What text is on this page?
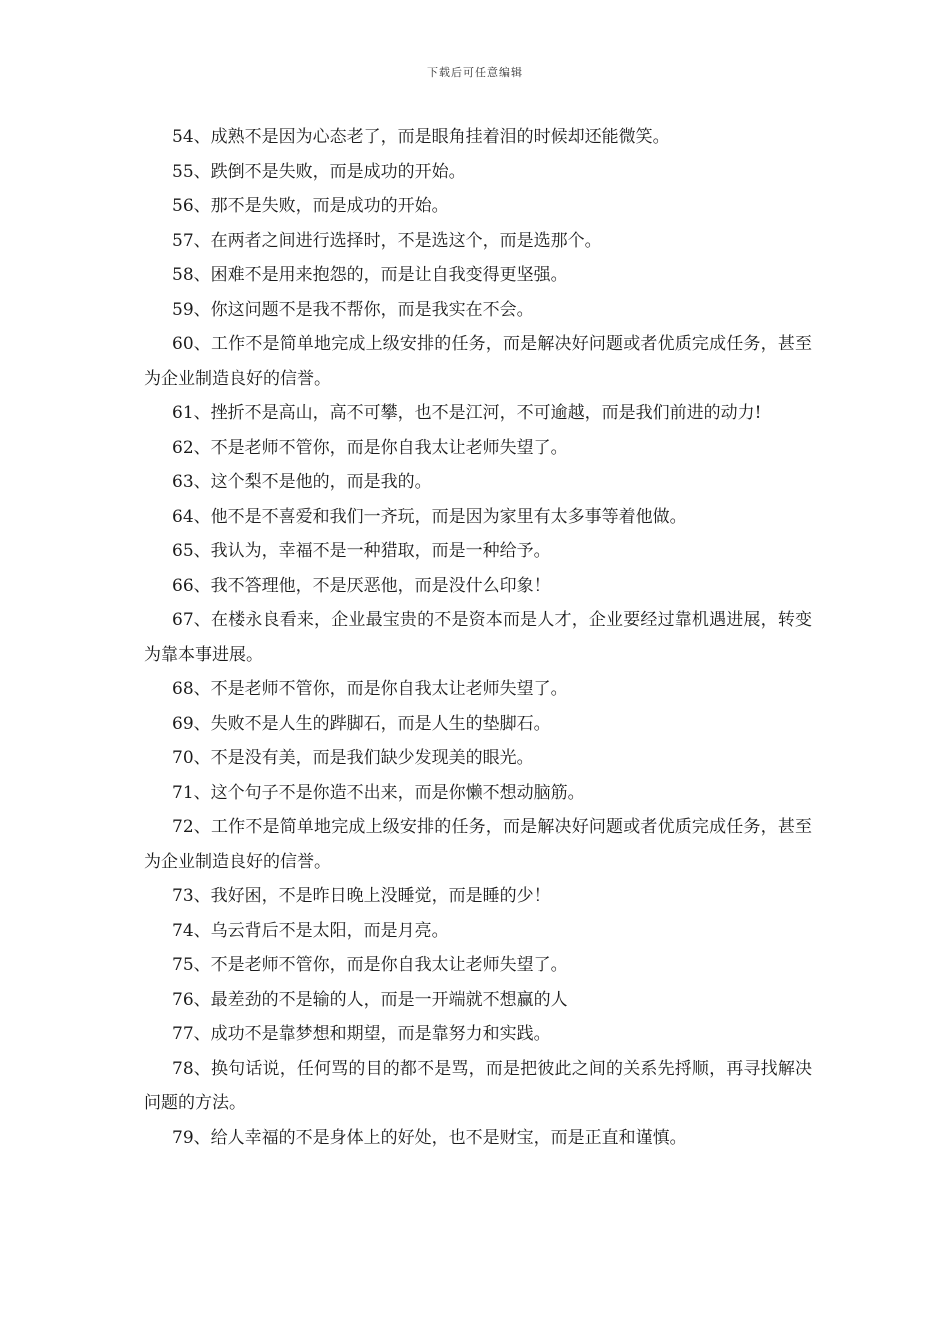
下载后可任意编辑

54、成熟不是因为心态老了，而是眼角挂着泪的时候却还能微笑。

55、跌倒不是失败，而是成功的开始。

56、那不是失败，而是成功的开始。

57、在两者之间进行选择时，不是选这个，而是选那个。

58、困难不是用来抱怨的，而是让自我变得更坚强。

59、你这问题不是我不帮你，而是我实在不会。

60、工作不是简单地完成上级安排的任务，而是解决好问题或者优质完成任务，甚至为企业制造良好的信誉。

61、挫折不是高山，高不可攀，也不是江河，不可逾越，而是我们前进的动力!

62、不是老师不管你，而是你自我太让老师失望了。

63、这个梨不是他的，而是我的。

64、他不是不喜爱和我们一齐玩，而是因为家里有太多事等着他做。

65、我认为，幸福不是一种猎取，而是一种给予。

66、我不答理他，不是厌恶他，而是没什么印象！

67、在楼永良看来，企业最宝贵的不是资本而是人才，企业要经过靠机遇进展，转变为靠本事进展。

68、不是老师不管你，而是你自我太让老师失望了。

69、失败不是人生的跸脚石，而是人生的垫脚石。

70、不是没有美，而是我们缺少发现美的眼光。

71、这个句子不是你造不出来，而是你懒不想动脑筋。

72、工作不是简单地完成上级安排的任务，而是解决好问题或者优质完成任务，甚至为企业制造良好的信誉。

73、我好困，不是昨日晚上没睡觉，而是睡的少！

74、乌云背后不是太阳，而是月亮。

75、不是老师不管你，而是你自我太让老师失望了。

76、最差劲的不是输的人，而是一开端就不想赢的人

77、成功不是靠梦想和期望，而是靠努力和实践。

78、换句话说，任何骂的目的都不是骂，而是把彼此之间的关系先捋顺，再寻找解决问题的方法。

79、给人幸福的不是身体上的好处，也不是财宝，而是正直和谨慎。
